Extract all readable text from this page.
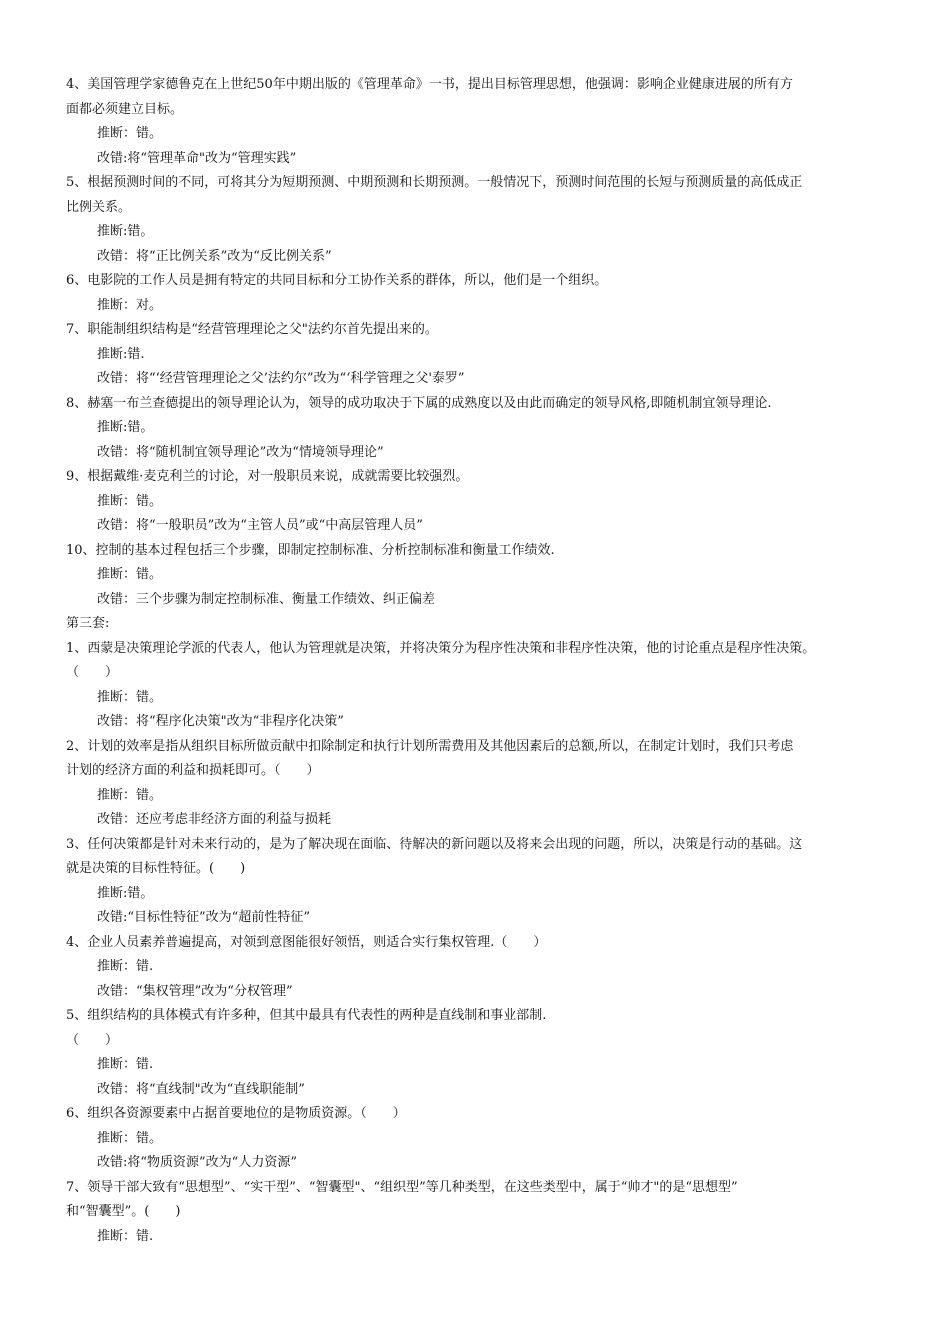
4、美国管理学家德鲁克在上世纪50年中期出版的《管理革命》一书，提出目标管理思想，他强调：影响企业健康进展的所有方
面都必须建立目标。
推断：错。
改错:将“管理革命"改为“管理实践”
5、根据预测时间的不同，可将其分为短期预测、中期预测和长期预测。一般情况下，预测时间范围的长短与预测质量的高低成正
比例关系。
推断:错。
改错：将“正比例关系”改为“反比例关系”
6、电影院的工作人员是拥有特定的共同目标和分工协作关系的群体，所以，他们是一个组织。
推断：对。
7、职能制组织结构是“经营管理理论之父"法约尔首先提出来的。
推断:错.
改错：将“‘经营管理理论之父’法约尔”改为“‘科学管理之父'泰罗”
8、赫塞一布兰查德提出的领导理论认为，领导的成功取决于下属的成熟度以及由此而确定的领导风格,即随机制宜领导理论.
推断:错。
改错：将“随机制宜领导理论”改为“情境领导理论”
9、根据戴维·麦克利兰的讨论，对一般职员来说，成就需要比较强烈。
推断：错。
改错：将“一般职员”改为“主管人员”或“中高层管理人员”
10、控制的基本过程包括三个步骤，即制定控制标准、分析控制标准和衡量工作绩效.
推断：错。
改错：三个步骤为制定控制标准、衡量工作绩效、纠正偏差
第三套:
1、西蒙是决策理论学派的代表人，他认为管理就是决策，并将决策分为程序性决策和非程序性决策，他的讨论重点是程序性决策。
（　　）
推断：错。
改错：将“程序化决策"改为“非程序化决策”
2、计划的效率是指从组织目标所做贡献中扣除制定和执行计划所需费用及其他因素后的总额,所以，在制定计划时，我们只考虑
计划的经济方面的利益和损耗即可。（　　）
推断：错。
改错：还应考虑非经济方面的利益与损耗
3、任何决策都是针对未来行动的，是为了解决现在面临、待解决的新问题以及将来会出现的问题，所以，决策是行动的基础。这
就是决策的目标性特征。(　　)
推断:错。
改错:“目标性特征”改为“超前性特征”
4、企业人员素养普遍提高，对领到意图能很好领悟，则适合实行集权管理.（　　）
推断：错.
改错：“集权管理”改为“分权管理”
5、组织结构的具体模式有许多种，但其中最具有代表性的两种是直线制和事业部制.
（　　）
推断：错.
改错：将“直线制"改为“直线职能制”
6、组织各资源要素中占据首要地位的是物质资源。（　　）
推断：错。
改错:将“物质资源”改为“人力资源”
7、领导干部大致有“思想型”、“实干型”、“智囊型"、“组织型”等几种类型，在这些类型中，属于“帅才"的是“思想型”
和“智囊型”。(　　)
推断：错.
